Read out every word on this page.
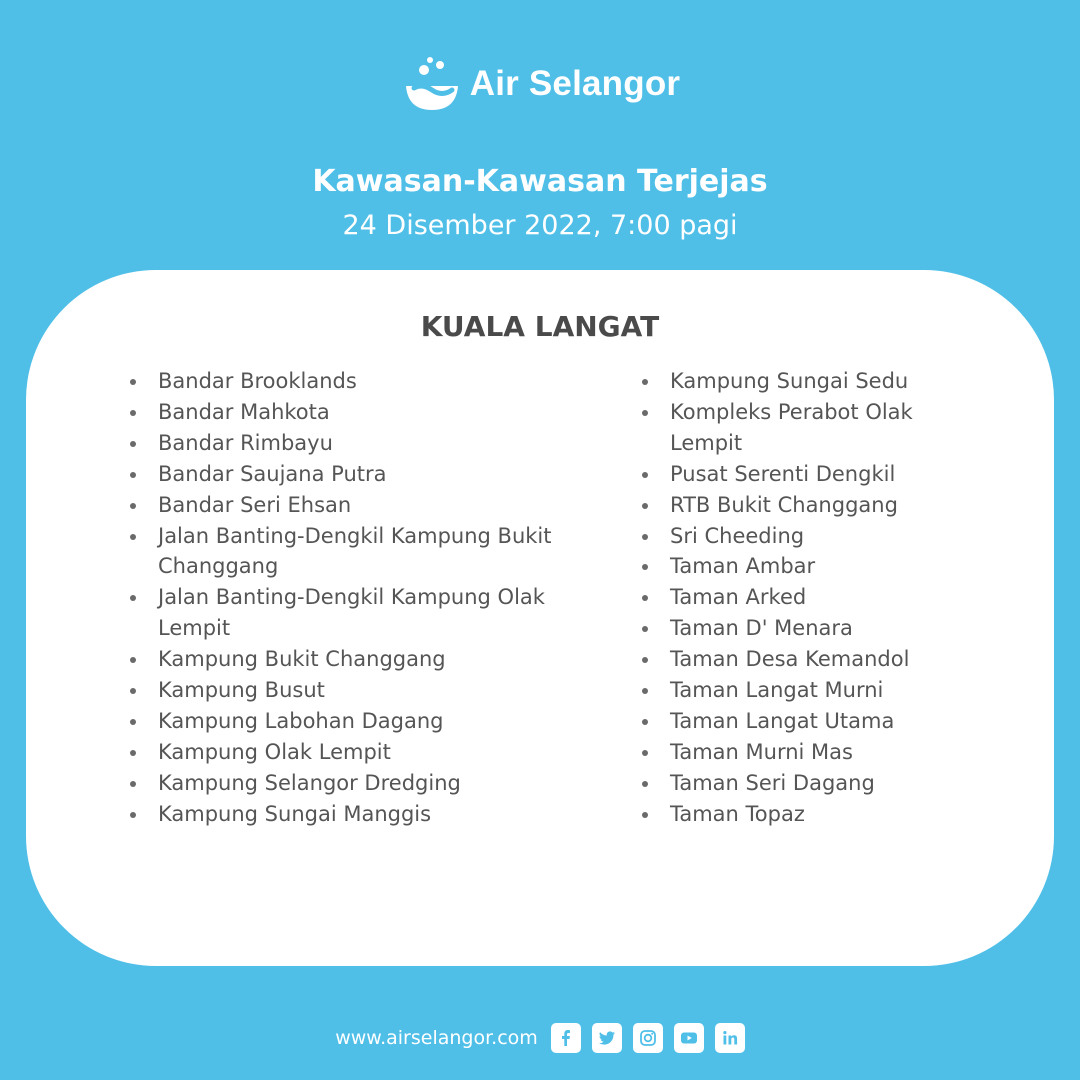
Air Selangor
Kawasan-Kawasan Terjejas
24 Disember 2022, 7:00 pagi
KUALA LANGAT
Bandar Brooklands
Bandar Mahkota
Bandar Rimbayu
Bandar Saujana Putra
Bandar Seri Ehsan
Jalan Banting-Dengkil Kampung Bukit Changgang
Jalan Banting-Dengkil Kampung Olak Lempit
Kampung Bukit Changgang
Kampung Busut
Kampung Labohan Dagang
Kampung Olak Lempit
Kampung Selangor Dredging
Kampung Sungai Manggis
Kampung Sungai Sedu
Kompleks Perabot Olak Lempit
Pusat Serenti Dengkil
RTB Bukit Changgang
Sri Cheeding
Taman Ambar
Taman Arked
Taman D' Menara
Taman Desa Kemandol
Taman Langat Murni
Taman Langat Utama
Taman Murni Mas
Taman Seri Dagang
Taman Topaz
www.airselangor.com
